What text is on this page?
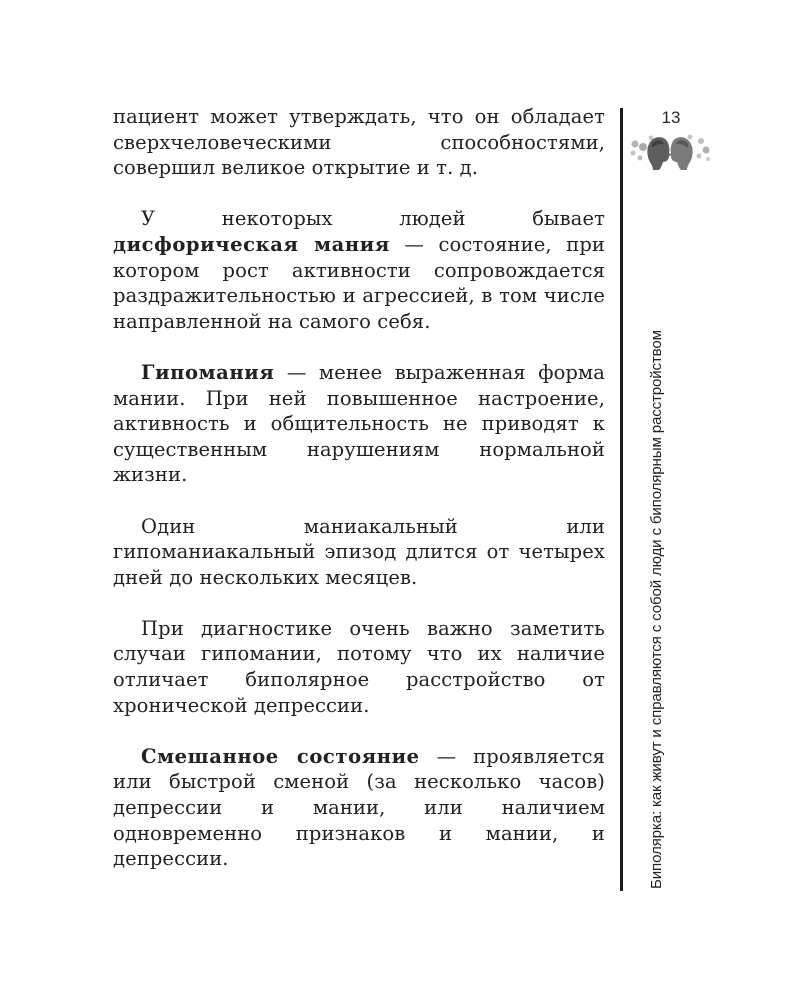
пациент может утверждать, что он обладает сверхчеловеческими способностями, совершил великое открытие и т. д.

У некоторых людей бывает дисфорическая мания — состояние, при котором рост активности сопровождается раздражительностью и агрессией, в том числе направленной на самого себя.

Гипомания — менее выраженная форма мании. При ней повышенное настроение, активность и общительность не приводят к существенным нарушениям нормальной жизни.

Один маниакальный или гипоманиакальный эпизод длится от четырех дней до нескольких месяцев.

При диагностике очень важно заметить случаи гипомании, потому что их наличие отличает биполярное расстройство от хронической депрессии.

Смешанное состояние — проявляется или быстрой сменой (за несколько часов) депрессии и мании, или наличием одновременно признаков и мании, и депрессии.

13
Биполярка: как живут и справляются с собой люди с биполярным расстройством
